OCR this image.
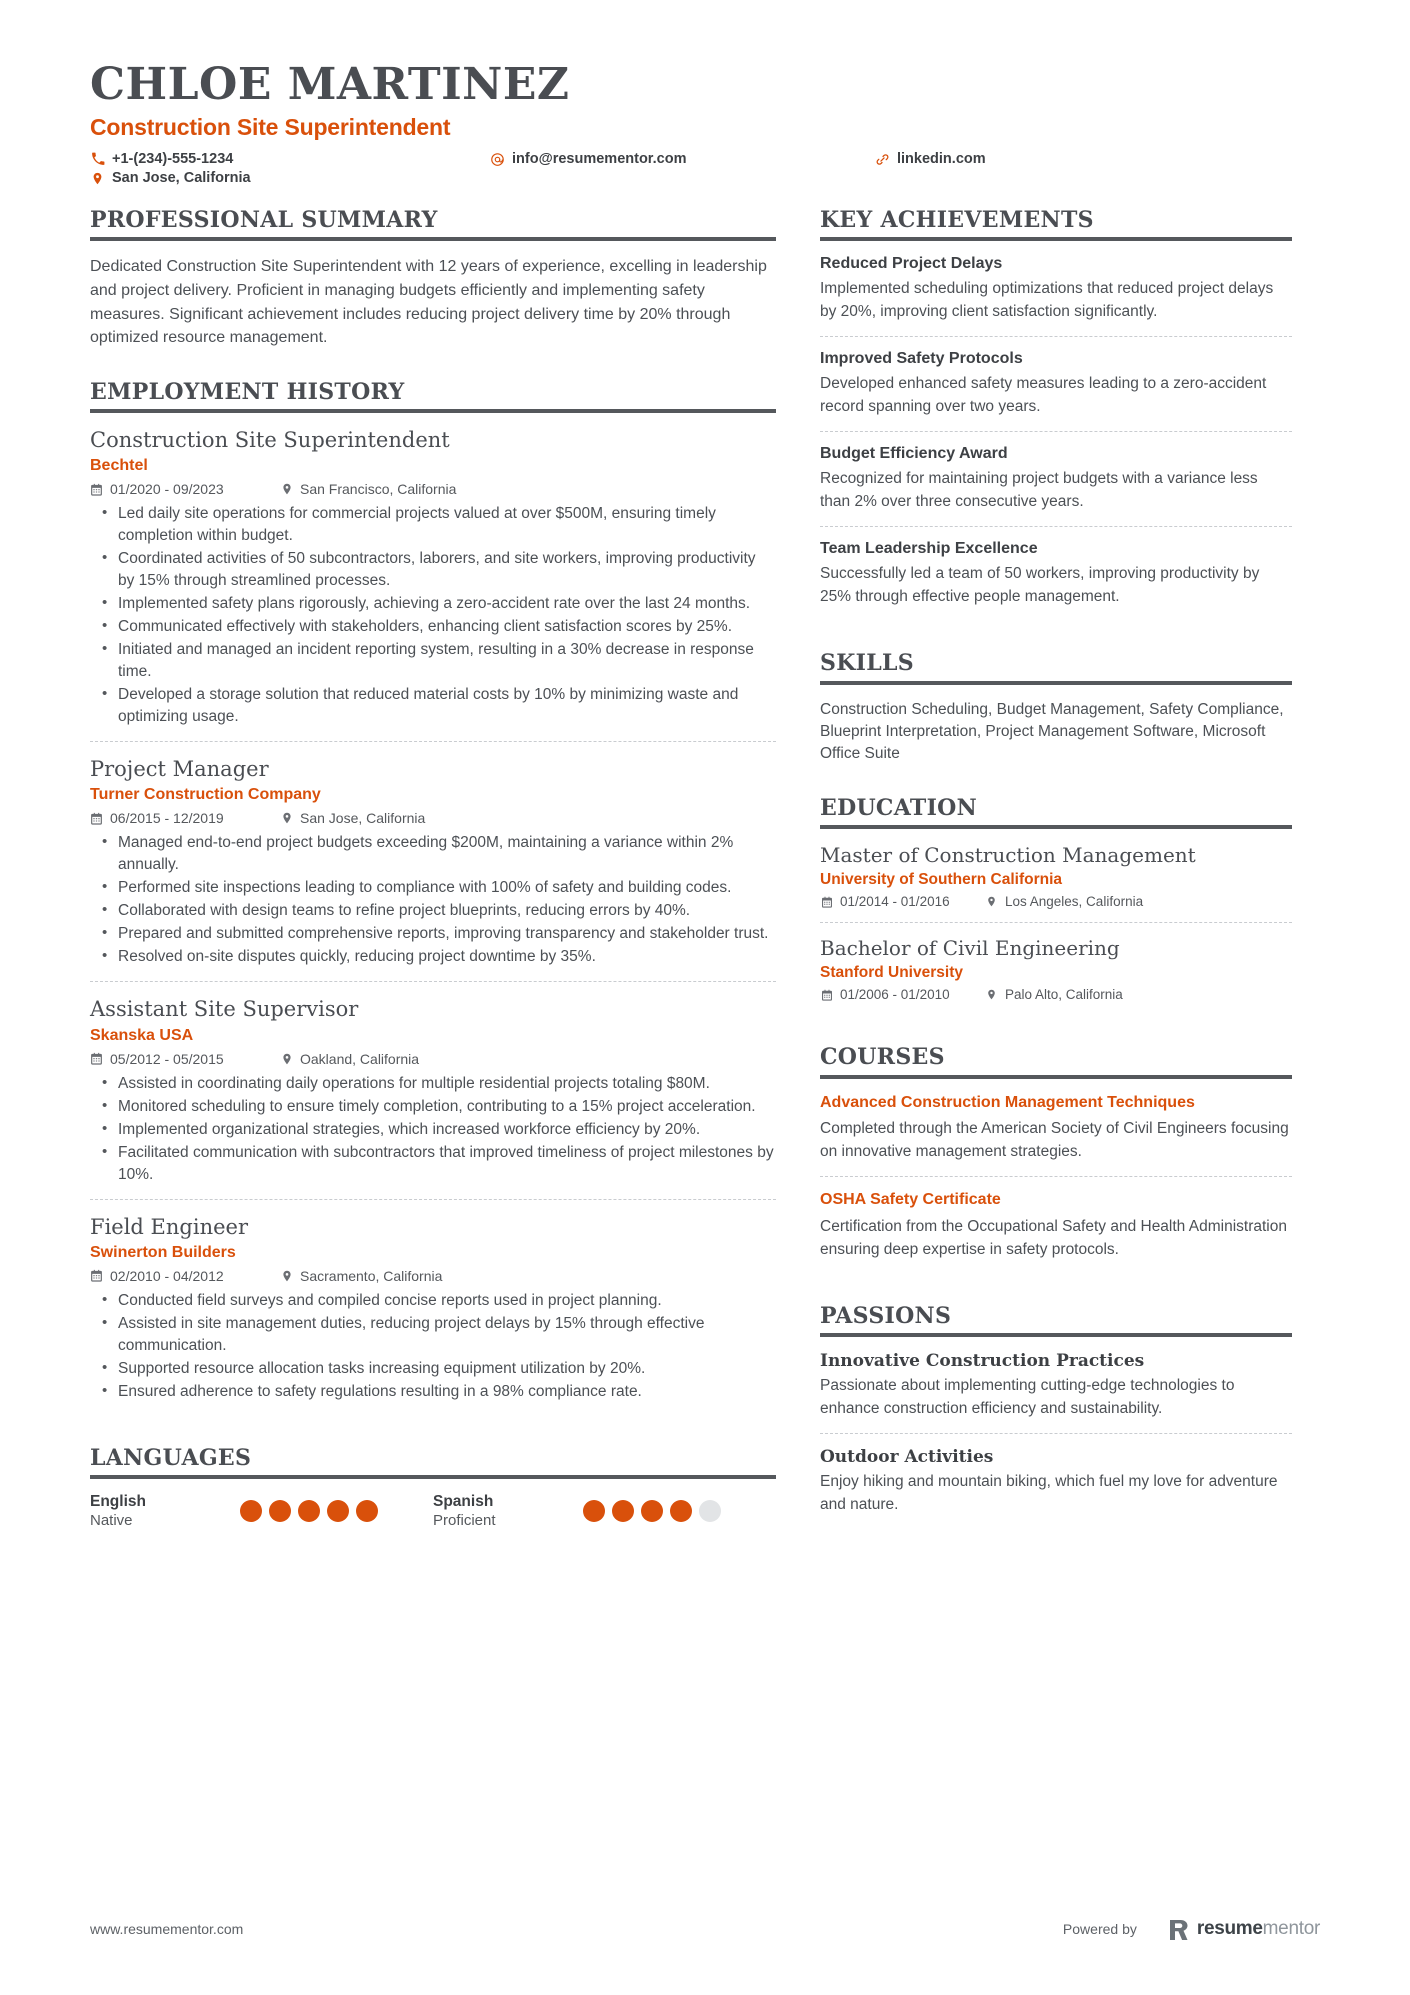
CHLOE MARTINEZ
Construction Site Superintendent
+1-(234)-555-1234	info@resumementor.com	linkedin.com
San Jose, California
PROFESSIONAL SUMMARY
Dedicated Construction Site Superintendent with 12 years of experience, excelling in leadership and project delivery. Proficient in managing budgets efficiently and implementing safety measures. Significant achievement includes reducing project delivery time by 20% through optimized resource management.
EMPLOYMENT HISTORY
Construction Site Superintendent
Bechtel
01/2020 - 09/2023	San Francisco, California
• Led daily site operations for commercial projects valued at over $500M, ensuring timely completion within budget.
• Coordinated activities of 50 subcontractors, laborers, and site workers, improving productivity by 15% through streamlined processes.
• Implemented safety plans rigorously, achieving a zero-accident rate over the last 24 months.
• Communicated effectively with stakeholders, enhancing client satisfaction scores by 25%.
• Initiated and managed an incident reporting system, resulting in a 30% decrease in response time.
• Developed a storage solution that reduced material costs by 10% by minimizing waste and optimizing usage.
Project Manager
Turner Construction Company
06/2015 - 12/2019	San Jose, California
• Managed end-to-end project budgets exceeding $200M, maintaining a variance within 2% annually.
• Performed site inspections leading to compliance with 100% of safety and building codes.
• Collaborated with design teams to refine project blueprints, reducing errors by 40%.
• Prepared and submitted comprehensive reports, improving transparency and stakeholder trust.
• Resolved on-site disputes quickly, reducing project downtime by 35%.
Assistant Site Supervisor
Skanska USA
05/2012 - 05/2015	Oakland, California
• Assisted in coordinating daily operations for multiple residential projects totaling $80M.
• Monitored scheduling to ensure timely completion, contributing to a 15% project acceleration.
• Implemented organizational strategies, which increased workforce efficiency by 20%.
• Facilitated communication with subcontractors that improved timeliness of project milestones by 10%.
Field Engineer
Swinerton Builders
02/2010 - 04/2012	Sacramento, California
• Conducted field surveys and compiled concise reports used in project planning.
• Assisted in site management duties, reducing project delays by 15% through effective communication.
• Supported resource allocation tasks increasing equipment utilization by 20%.
• Ensured adherence to safety regulations resulting in a 98% compliance rate.
LANGUAGES
English
Native
Spanish
Proficient
KEY ACHIEVEMENTS
Reduced Project Delays
Implemented scheduling optimizations that reduced project delays by 20%, improving client satisfaction significantly.
Improved Safety Protocols
Developed enhanced safety measures leading to a zero-accident record spanning over two years.
Budget Efficiency Award
Recognized for maintaining project budgets with a variance less than 2% over three consecutive years.
Team Leadership Excellence
Successfully led a team of 50 workers, improving productivity by 25% through effective people management.
SKILLS
Construction Scheduling, Budget Management, Safety Compliance, Blueprint Interpretation, Project Management Software, Microsoft Office Suite
EDUCATION
Master of Construction Management
University of Southern California
01/2014 - 01/2016	Los Angeles, California
Bachelor of Civil Engineering
Stanford University
01/2006 - 01/2010	Palo Alto, California
COURSES
Advanced Construction Management Techniques
Completed through the American Society of Civil Engineers focusing on innovative management strategies.
OSHA Safety Certificate
Certification from the Occupational Safety and Health Administration ensuring deep expertise in safety protocols.
PASSIONS
Innovative Construction Practices
Passionate about implementing cutting-edge technologies to enhance construction efficiency and sustainability.
Outdoor Activities
Enjoy hiking and mountain biking, which fuel my love for adventure and nature.
www.resumementor.com	Powered by	resumementor
